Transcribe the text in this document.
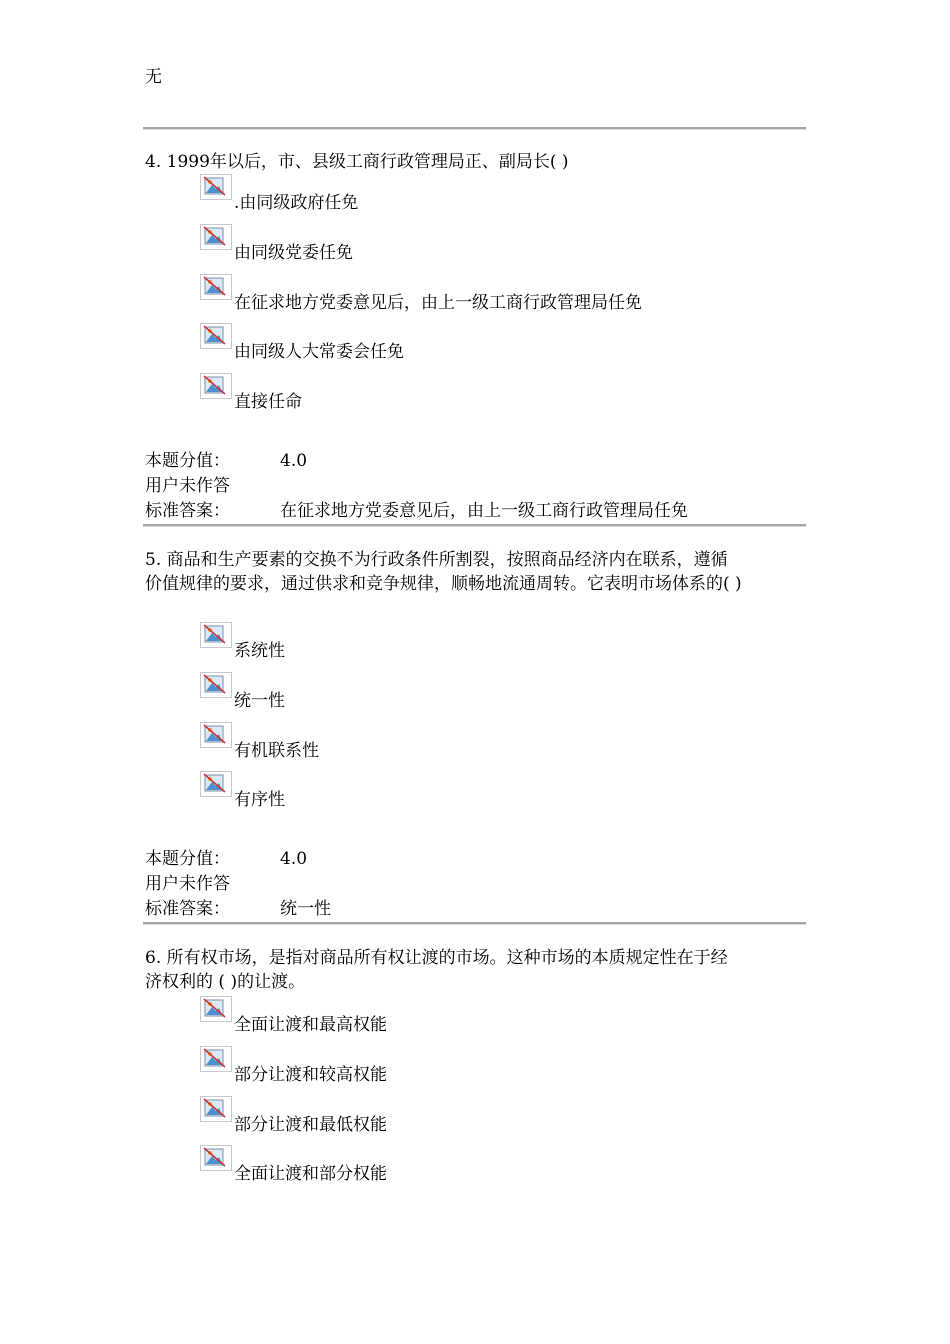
无
4. 1999年以后，市、县级工商行政管理局正、副局长( )
.由同级政府任免
由同级党委任免
在征求地方党委意见后，由上一级工商行政管理局任免
由同级人大常委会任免
直接任命
本题分值：	4.0
用户未作答
标准答案：	在征求地方党委意见后，由上一级工商行政管理局任免
5. 商品和生产要素的交换不为行政条件所割裂，按照商品经济内在联系，遵循
价值规律的要求，通过供求和竞争规律，顺畅地流通周转。它表明市场体系的( )
系统性
统一性
有机联系性
有序性
本题分值：	4.0
用户未作答
标准答案：	统一性
6. 所有权市场，是指对商品所有权让渡的市场。这种市场的本质规定性在于经
济权利的 ( )的让渡。
全面让渡和最高权能
部分让渡和较高权能
部分让渡和最低权能
全面让渡和部分权能
